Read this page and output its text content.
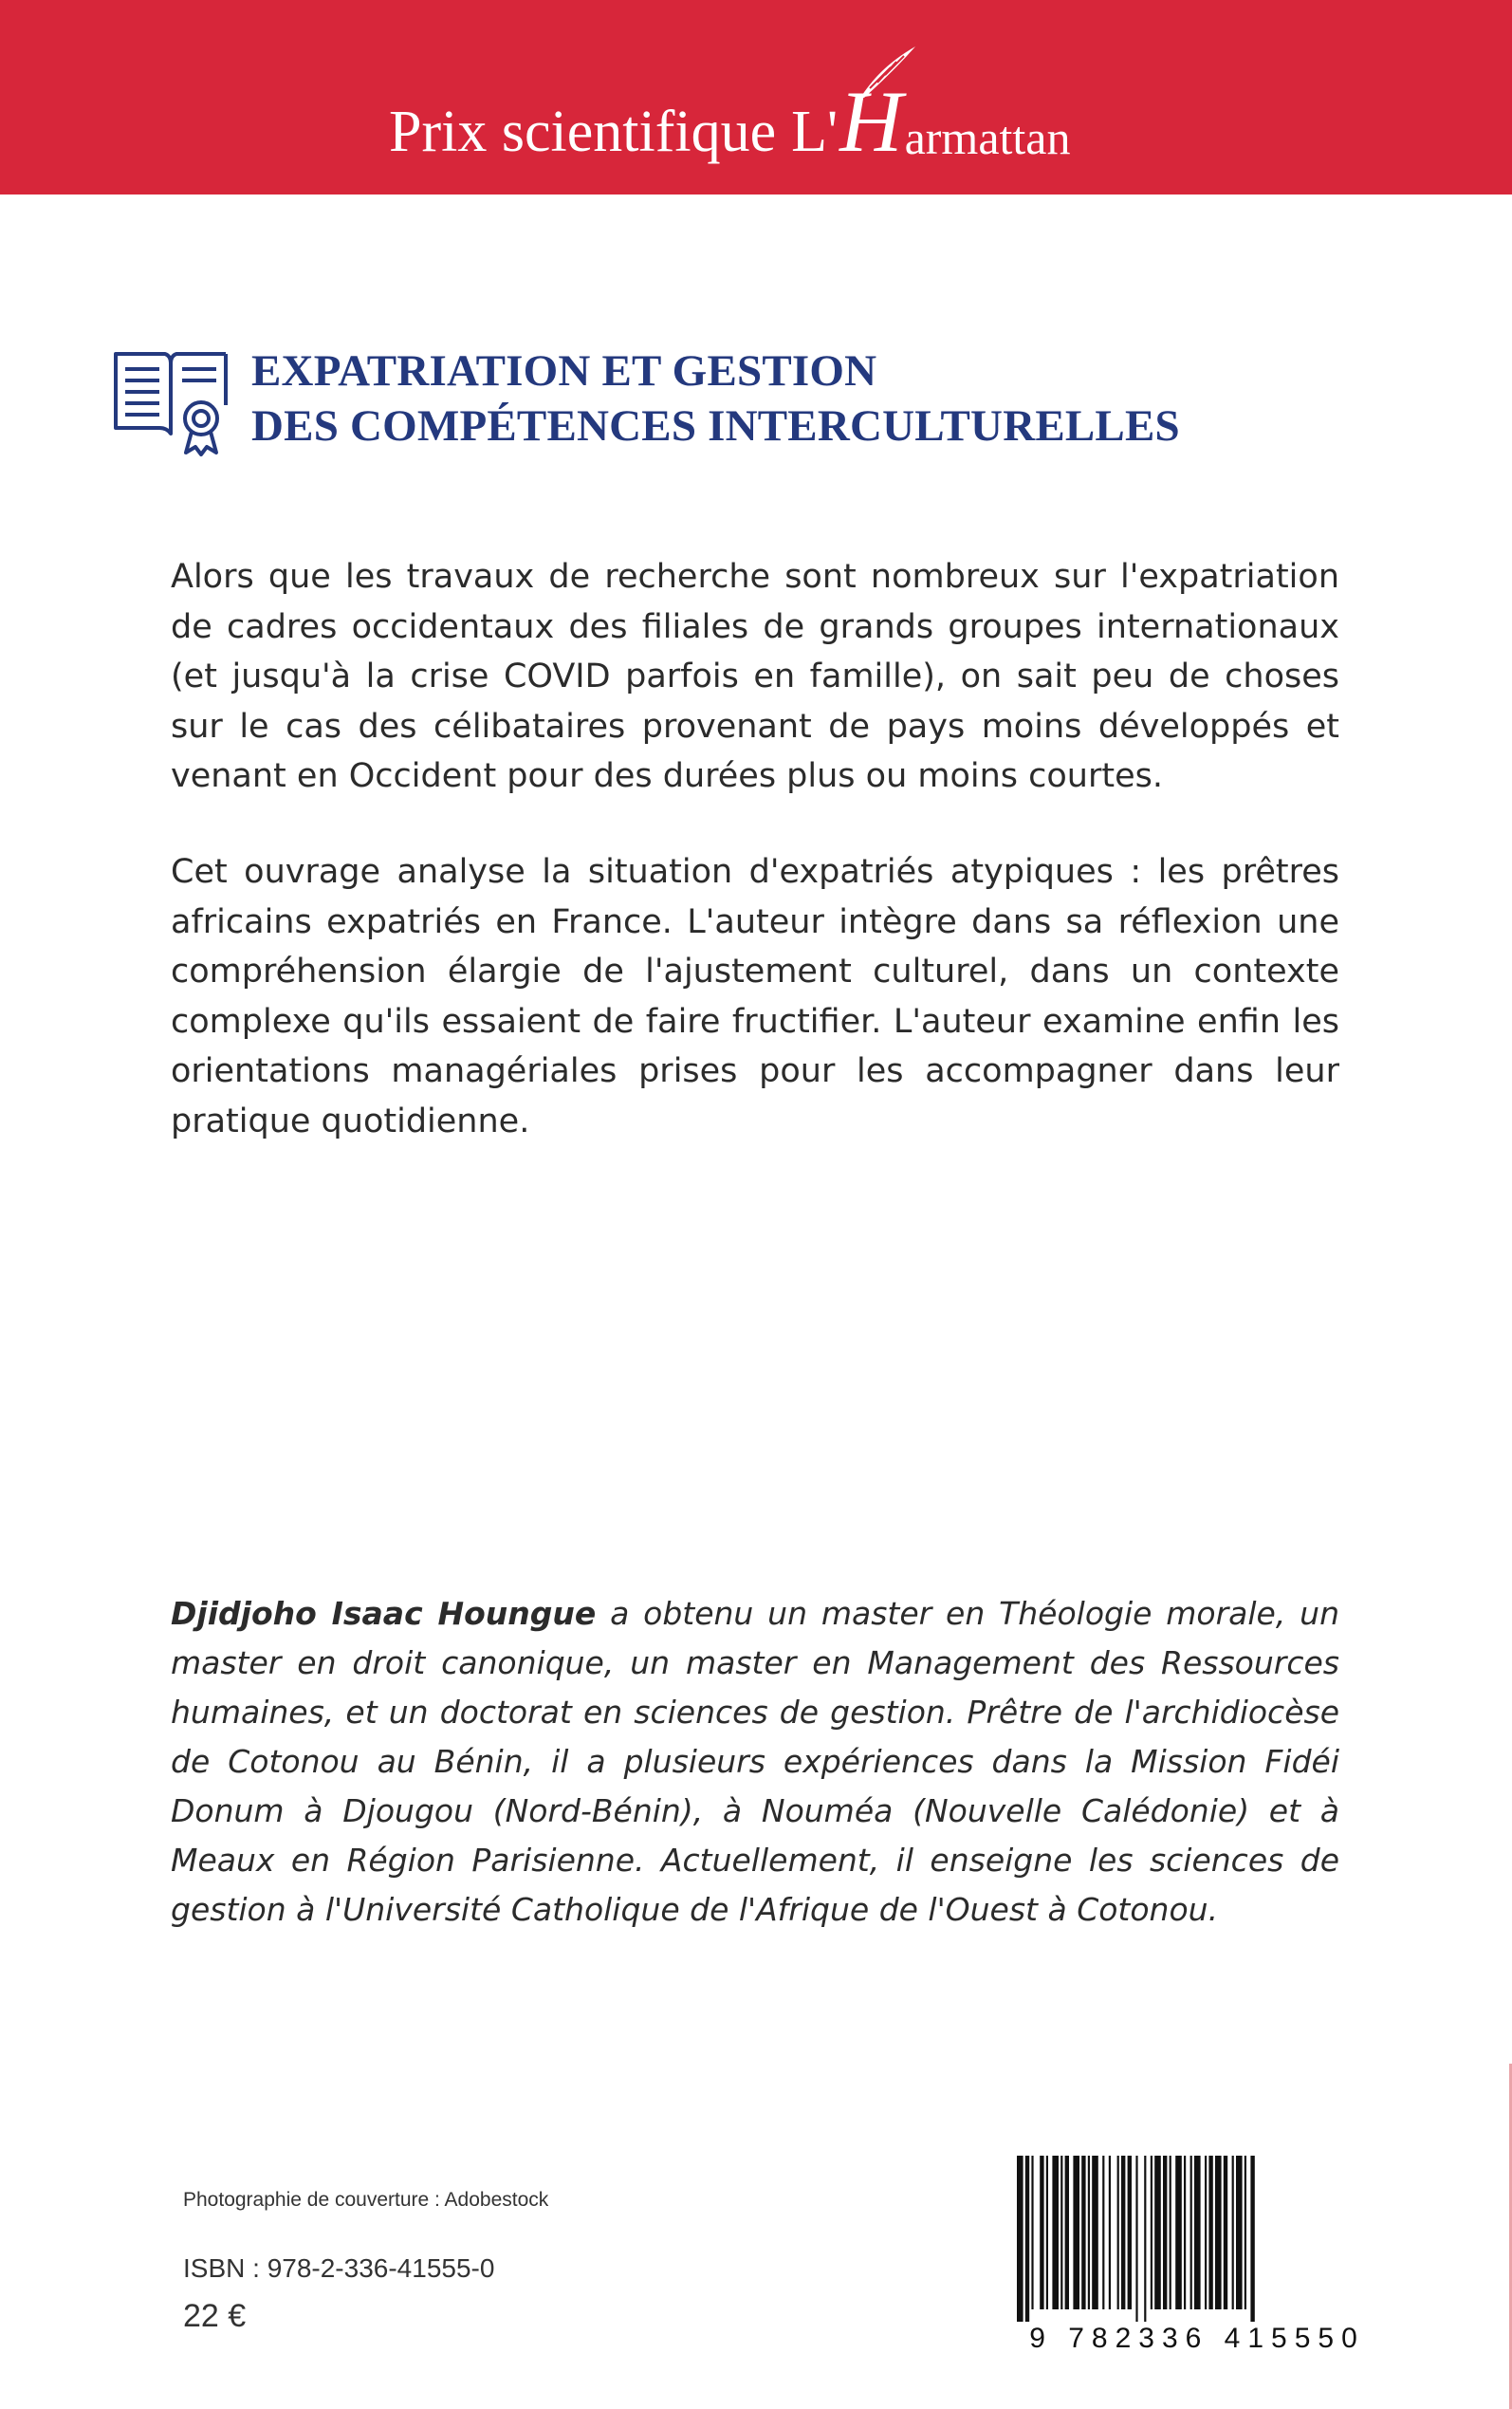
Prix scientifique L' H armattan
EXPATRIATION ET GESTION
DES COMPÉTENCES INTERCULTURELLES

Alors que les travaux de recherche sont nombreux sur l'expatriation de cadres occidentaux des filiales de grands groupes internationaux (et jusqu'à la crise COVID parfois en famille), on sait peu de choses sur le cas des célibataires provenant de pays moins développés et venant en Occident pour des durées plus ou moins courtes.

Cet ouvrage analyse la situation d'expatriés atypiques : les prêtres africains expatriés en France. L'auteur intègre dans sa réflexion une compréhension élargie de l'ajustement culturel, dans un contexte complexe qu'ils essaient de faire fructifier. L'auteur examine enfin les orientations managériales prises pour les accompagner dans leur pratique quotidienne.

Djidjoho Isaac Houngue a obtenu un master en Théologie morale, un master en droit canonique, un master en Management des Ressources humaines, et un doctorat en sciences de gestion. Prêtre de l'archidiocèse de Cotonou au Bénin, il a plusieurs expériences dans la Mission Fidéi Donum à Djougou (Nord-Bénin), à Nouméa (Nouvelle Calédonie) et à Meaux en Région Parisienne. Actuellement, il enseigne les sciences de gestion à l'Université Catholique de l'Afrique de l'Ouest à Cotonou.

Photographie de couverture : Adobestock
ISBN : 978-2-336-41555-0
22 €
9 782336 415550
